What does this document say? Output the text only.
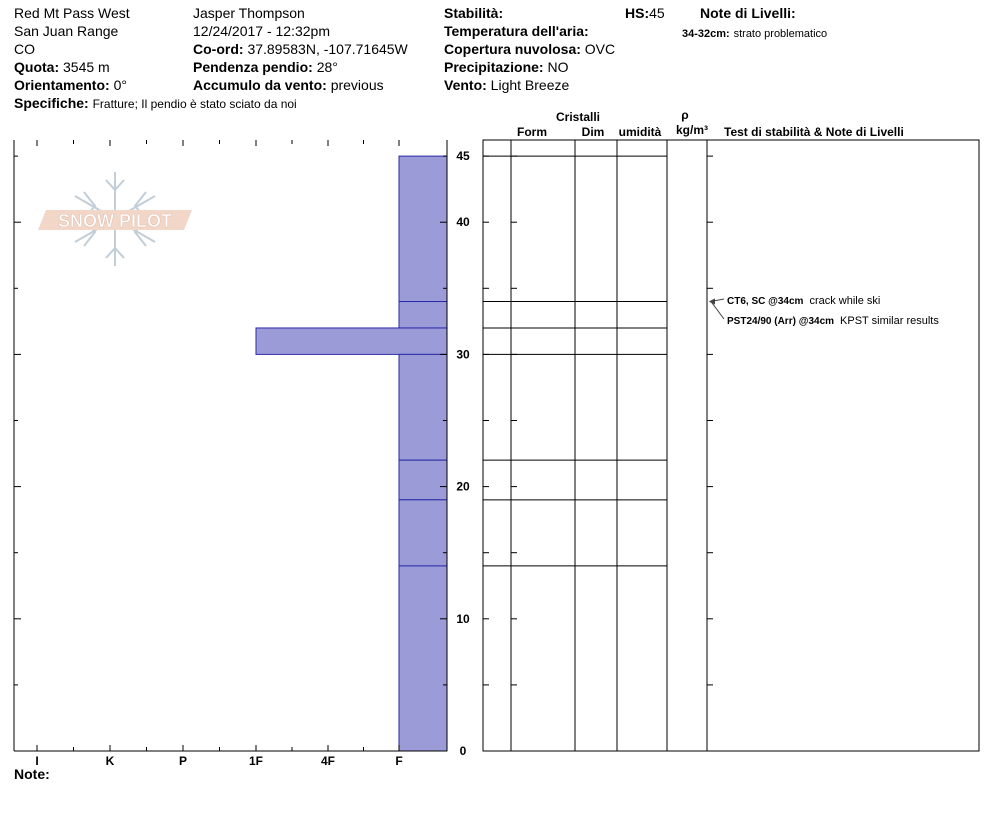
Red Mt Pass West
San Juan Range
CO
Quota: 3545 m
Orientamento: 0°
Specifiche: Fratture; Il pendio è stato sciato da noi
Jasper Thompson
12/24/2017 - 12:32pm
Co-ord: 37.89583N, -107.71645W
Pendenza pendio: 28°
Accumulo da vento: previous
Stabilità:
Temperatura dell'aria:
Copertura nuvolosa: OVC
Precipitazione: NO
Vento: Light Breeze
HS:45	Note di Livelli:
34-32cm: strato problematico
Cristalli
Form	Dim	umidità
ρ
kg/m³	Test di stabilità & Note di Livelli
SNOW PILOT
I	K	P	1F	4F	F
0
10
20
30
40
45
CT6, SC @34cm crack while ski
PST24/90 (Arr) @34cm KPST similar results
Note:
